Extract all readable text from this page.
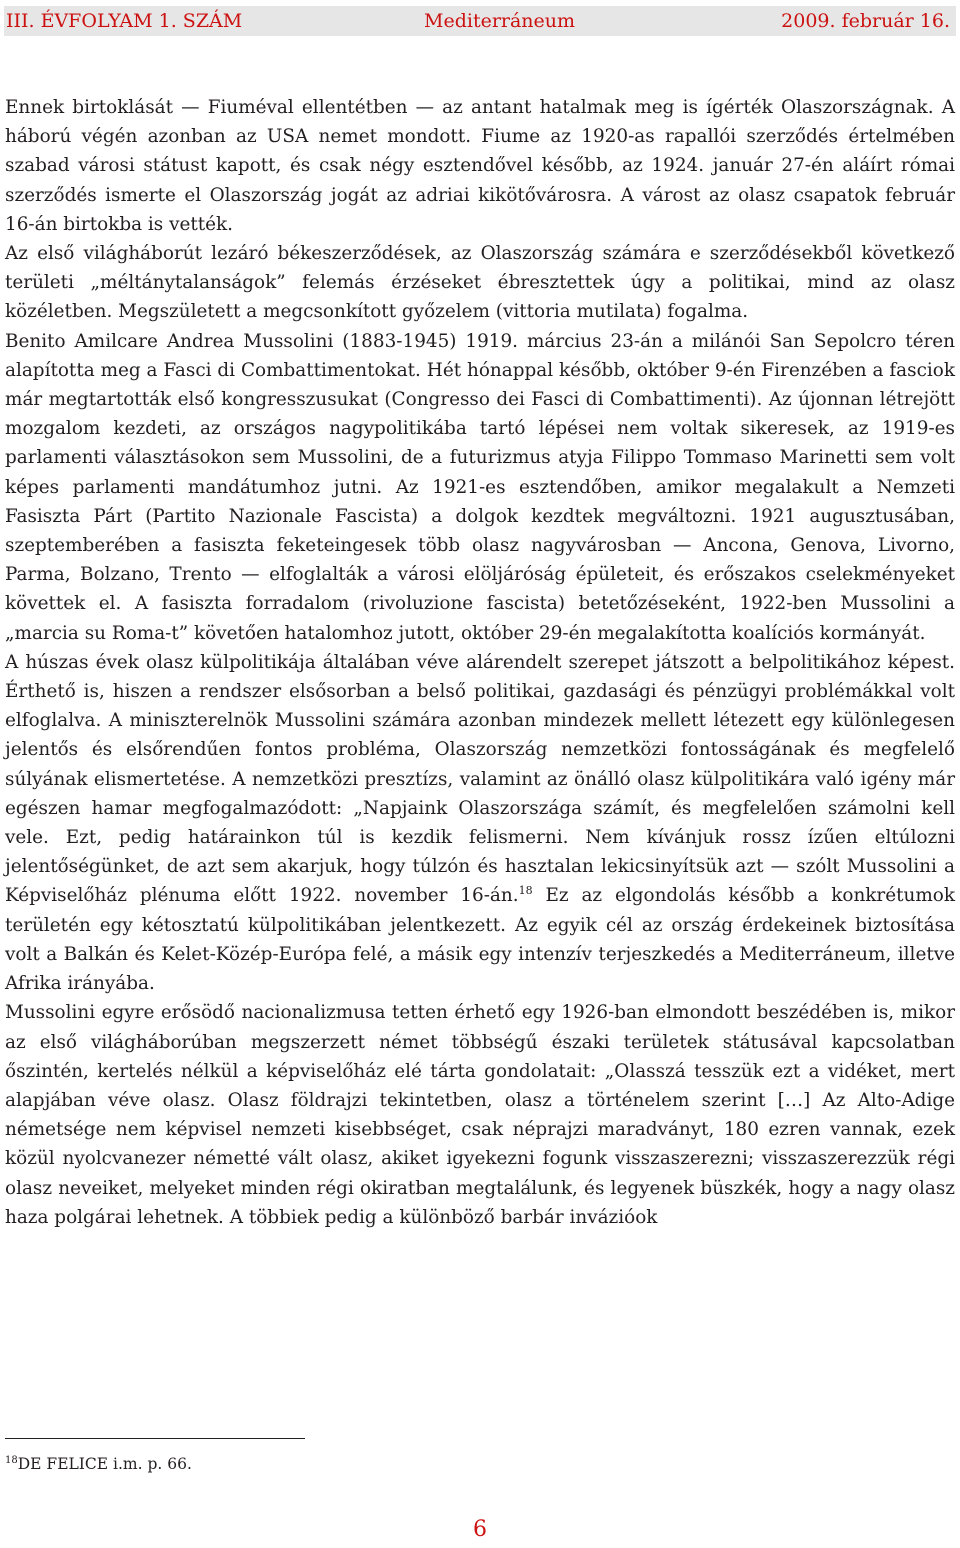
III. ÉVFOLYAM 1. SZÁM	Mediterráneum	2009. február 16.

Ennek birtoklását — Fiuméval ellentétben — az antant hatalmak meg is ígérték Olaszországnak. A háború végén azonban az USA nemet mondott. Fiume az 1920-as rapallói szerződés értelmében szabad városi státust kapott, és csak négy esztendővel később, az 1924. január 27-én aláírt római szerződés ismerte el Olaszország jogát az adriai kikötővárosra. A várost az olasz csapatok február 16-án birtokba is vették.

Az első világháborút lezáró békeszerződések, az Olaszország számára e szerződésekből következő területi „méltánytalanságok” felemás érzéseket ébresztettek úgy a politikai, mind az olasz közéletben. Megszületett a megcsonkított győzelem (vittoria mutilata) fogalma.

Benito Amilcare Andrea Mussolini (1883-1945) 1919. március 23-án a milánói San Sepolcro téren alapította meg a Fasci di Combattimentokat. Hét hónappal később, október 9-én Firenzében a fasciok már megtartották első kongresszusukat (Congresso dei Fasci di Combattimenti). Az újonnan létrejött mozgalom kezdeti, az országos nagypolitikába tartó lépései nem voltak sikeresek, az 1919-es parlamenti választásokon sem Mussolini, de a futurizmus atyja Filippo Tommaso Marinetti sem volt képes parlamenti mandátumhoz jutni. Az 1921-es esztendőben, amikor megalakult a Nemzeti Fasiszta Párt (Partito Nazionale Fascista) a dolgok kezdtek megváltozni. 1921 augusztusában, szeptemberében a fasiszta feketeingesek több olasz nagyvárosban — Ancona, Genova, Livorno, Parma, Bolzano, Trento — elfoglalták a városi elöljáróság épületeit, és erőszakos cselekményeket követtek el. A fasiszta forradalom (rivoluzione fascista) betetőzéseként, 1922-ben Mussolini a „marcia su Roma-t” követően hatalomhoz jutott, október 29-én megalakította koalíciós kormányát.

A húszas évek olasz külpolitikája általában véve alárendelt szerepet játszott a belpolitikához képest. Érthető is, hiszen a rendszer elsősorban a belső politikai, gazdasági és pénzügyi problémákkal volt elfoglalva. A miniszterelnök Mussolini számára azonban mindezek mellett létezett egy különlegesen jelentős és elsőrendűen fontos probléma, Olaszország nemzetközi fontosságának és megfelelő súlyának elismertetése. A nemzetközi presztízs, valamint az önálló olasz külpolitikára való igény már egészen hamar megfogalmazódott: „Napjaink Olaszországa számít, és megfelelően számolni kell vele. Ezt, pedig határainkon túl is kezdik felismerni. Nem kívánjuk rossz ízűen eltúlozni jelentőségünket, de azt sem akarjuk, hogy túlzón és hasztalan lekicsinyítsük azt — szólt Mussolini a Képviselőház plénuma előtt 1922. november 16-án.$^{18}$ Ez az elgondolás később a konkrétumok területén egy kétosztatú külpolitikában jelentkezett. Az egyik cél az ország érdekeinek biztosítása volt a Balkán és Kelet-Közép-Európa felé, a másik egy intenzív terjeszkedés a Mediterráneum, illetve Afrika irányába.

Mussolini egyre erősödő nacionalizmusa tetten érhető egy 1926-ban elmondott beszédében is, mikor az első világháborúban megszerzett német többségű északi területek státusával kapcsolatban őszintén, kertelés nélkül a képviselőház elé tárta gondolatait: „Olasszá tesszük ezt a vidéket, mert alapjában véve olasz. Olasz földrajzi tekintetben, olasz a történelem szerint […] Az Alto-Adige németsége nem képvisel nemzeti kisebbséget, csak néprajzi maradványt, 180 ezren vannak, ezek közül nyolcvanezer németté vált olasz, akiket igyekezni fogunk visszaszerezni; visszaszerezzük régi olasz neveiket, melyeket minden régi okiratban megtalálunk, és legyenek büszkék, hogy a nagy olasz haza polgárai lehetnek. A többiek pedig a különböző barbár invázióok

$^{18}$DE FELICE i.m. p. 66.
6
